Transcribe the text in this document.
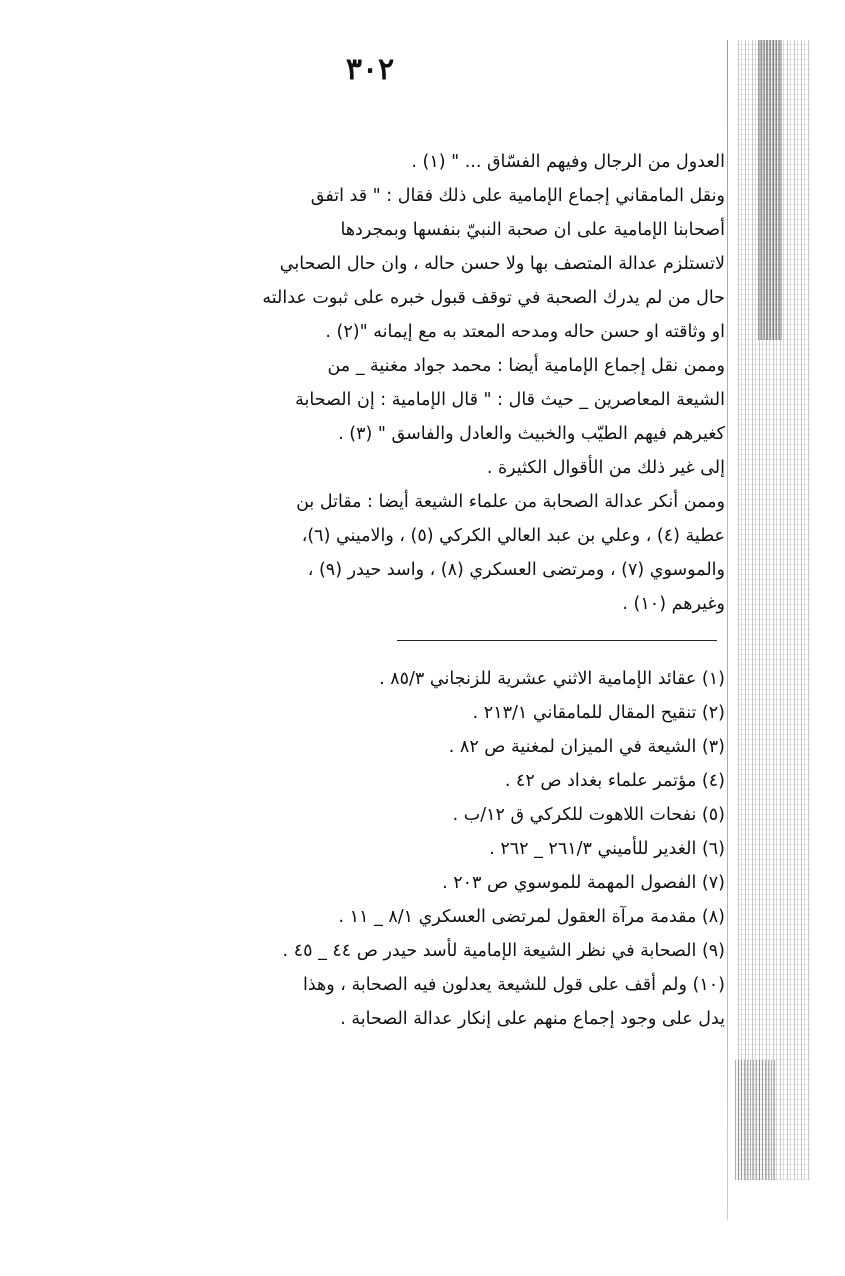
٣٠٢
العدول من الرجال وفيهم الفسّاق ... " (١) .
ونقل المامقاني إجماع الإمامية على ذلك فقال : " قد اتفق
أصحابنا الإمامية على ان صحبة النبيّ بنفسها وبمجردها
لاتستلزم عدالة المتصف بها ولا حسن حاله ، وان حال الصحابي
حال من لم يدرك الصحبة في توقف قبول خبره على ثبوت عدالته
او وثاقته او حسن حاله ومدحه المعتد به مع إيمانه "(٢) .
وممن نقل إجماع الإمامية أيضا : محمد جواد مغنية _ من
الشيعة المعاصرين _ حيث قال : " قال الإمامية : إن الصحابة
كغيرهم فيهم الطيّب والخبيث والعادل والفاسق " (٣) .
إلى غير ذلك من الأقوال الكثيرة .
وممن أنكر عدالة الصحابة من علماء الشيعة أيضا : مقاتل بن
عطية (٤) ، وعلي بن عبد العالي الكركي (٥) ، والاميني (٦)،
والموسوي (٧) ، ومرتضى العسكري (٨) ، واسد حيدر (٩) ،
وغيرهم (١٠) .
(١) عقائد الإمامية الاثني عشرية للزنجاني ٨٥/٣ .
(٢) تنقيح المقال للمامقاني ٢١٣/١ .
(٣) الشيعة في الميزان لمغنية ص ٨٢ .
(٤) مؤتمر علماء بغداد ص ٤٢ .
(٥) نفحات اللاهوت للكركي ق ١٢/ب .
(٦) الغدير للأميني ٢٦١/٣ _ ٢٦٢ .
(٧) الفصول المهمة للموسوي ص ٢٠٣ .
(٨) مقدمة مرآة العقول لمرتضى العسكري ٨/١ _ ١١ .
(٩) الصحابة في نظر الشيعة الإمامية لأسد حيدر ص ٤٤ _ ٤٥ .
(١٠) ولم أقف على قول للشيعة يعدلون فيه الصحابة ، وهذا
يدل على وجود إجماع منهم على إنكار عدالة الصحابة .
